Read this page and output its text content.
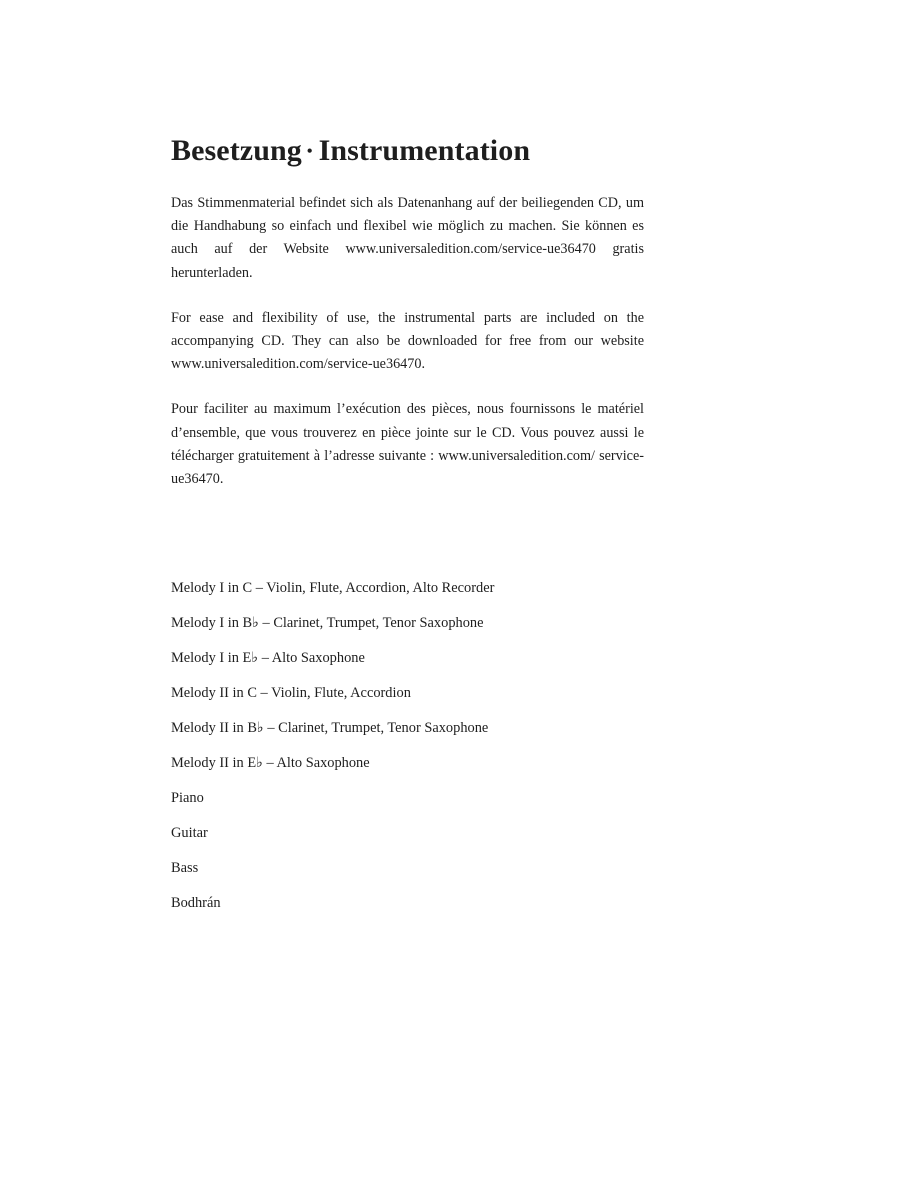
Besetzung • Instrumentation

Das Stimmenmaterial befindet sich als Datenanhang auf der beiliegenden CD, um die Handhabung so einfach und flexibel wie möglich zu machen. Sie können es auch auf der Website www.universaledition.com/service-ue36470 gratis herunterladen.

For ease and flexibility of use, the instrumental parts are included on the accompanying CD. They can also be downloaded for free from our website www.universaledition.com/service-ue36470.

Pour faciliter au maximum l’exécution des pièces, nous fournissons le matériel d’ensemble, que vous trouverez en pièce jointe sur le CD. Vous pouvez aussi le télécharger gratuitement à l’adresse suivante : www.universaledition.com/ service-ue36470.

Melody I in C – Violin, Flute, Accordion, Alto Recorder
Melody I in B♭ – Clarinet, Trumpet, Tenor Saxophone
Melody I in E♭ – Alto Saxophone
Melody II in C – Violin, Flute, Accordion
Melody II in B♭ – Clarinet, Trumpet, Tenor Saxophone
Melody II in E♭ – Alto Saxophone
Piano
Guitar
Bass
Bodhrán
